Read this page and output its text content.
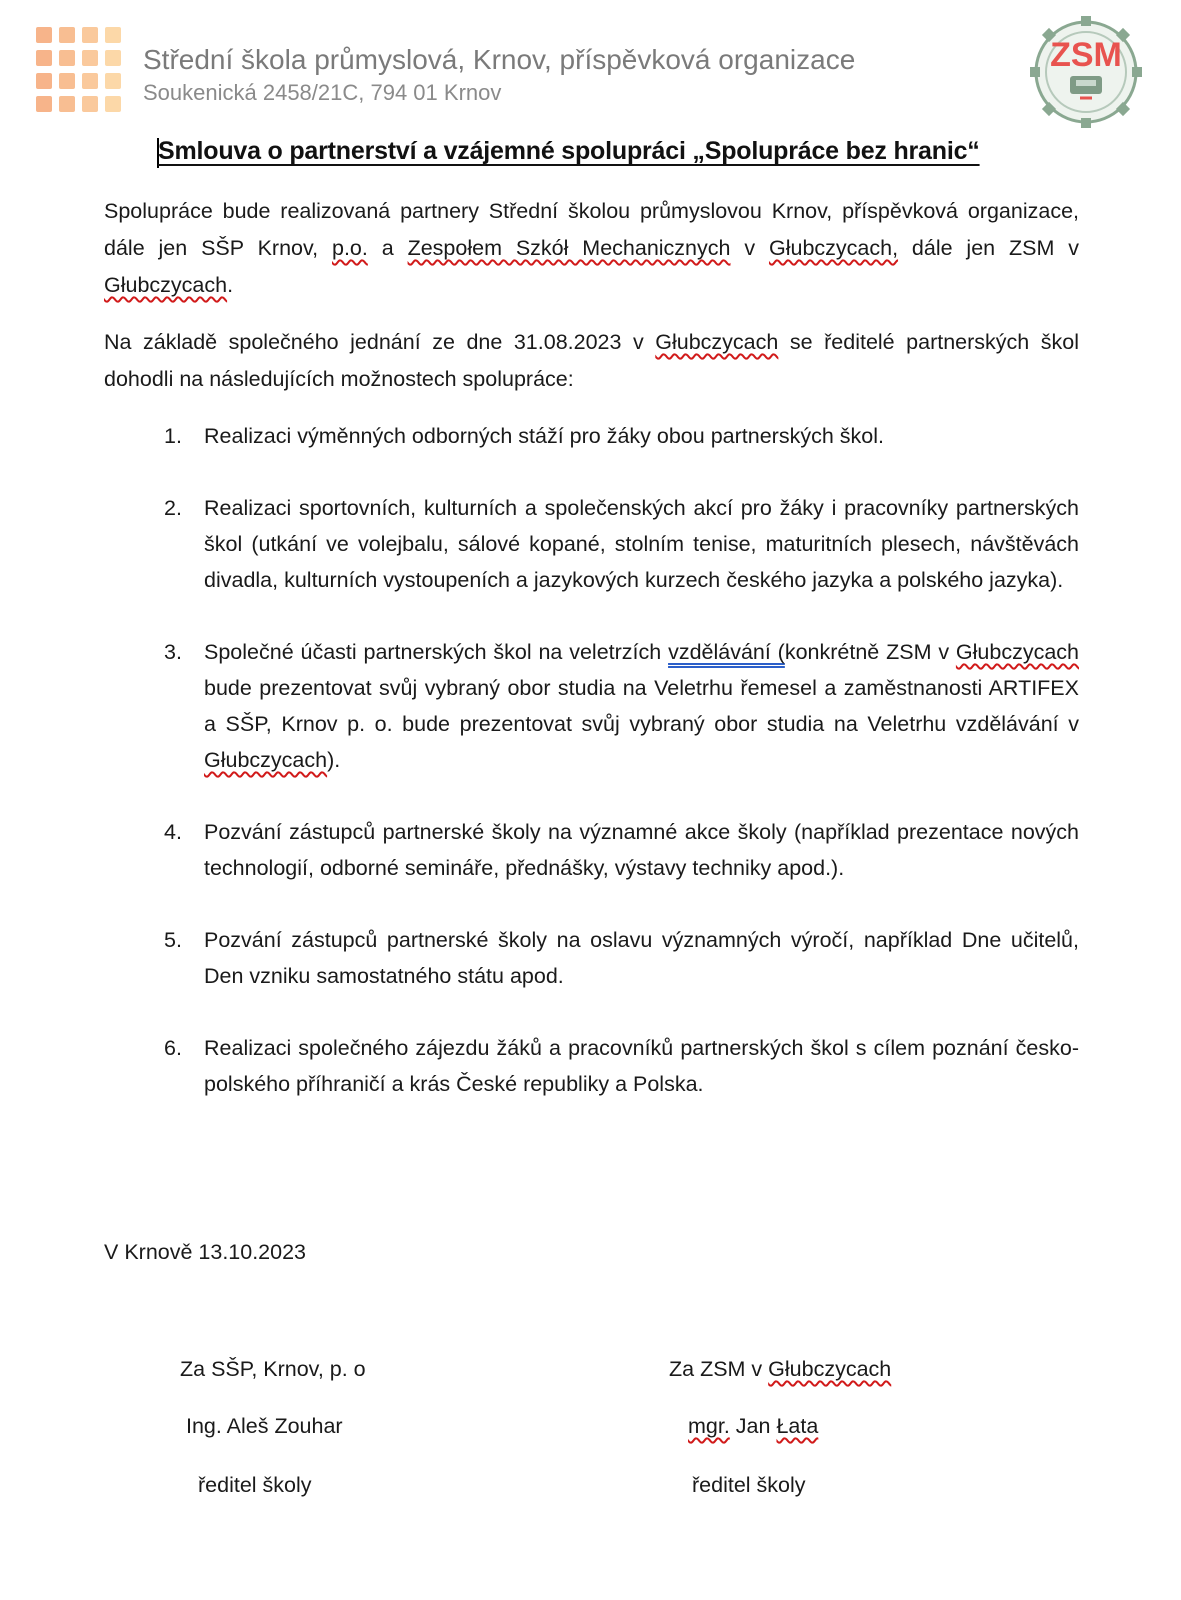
Střední škola průmyslová, Krnov, příspěvková organizace
Soukenická 2458/21C, 794 01 Krnov
ZSM
Smlouva o partnerství a vzájemné spolupráci „Spolupráce bez hranic“

Spolupráce bude realizovaná partnery Střední školou průmyslovou Krnov, příspěvková organizace, dále jen SŠP Krnov, p.o. a Zespołem Szkół Mechanicznych v Głubczycach, dále jen ZSM v Głubczycach.

Na základě společného jednání ze dne 31.08.2023 v Głubczycach se ředitelé partnerských škol dohodli na následujících možnostech spolupráce:

1. Realizaci výměnných odborných stáží pro žáky obou partnerských škol.
2. Realizaci sportovních, kulturních a společenských akcí pro žáky i pracovníky partnerských škol (utkání ve volejbalu, sálové kopané, stolním tenise, maturitních plesech, návštěvách divadla, kulturních vystoupeních a jazykových kurzech českého jazyka a polského jazyka).
3. Společné účasti partnerských škol na veletrzích vzdělávání (konkrétně ZSM v Głubczycach bude prezentovat svůj vybraný obor studia na Veletrhu řemesel a zaměstnanosti ARTIFEX a SŠP, Krnov p. o. bude prezentovat svůj vybraný obor studia na Veletrhu vzdělávání v Głubczycach).
4. Pozvání zástupců partnerské školy na významné akce školy (například prezentace nových technologií, odborné semináře, přednášky, výstavy techniky apod.).
5. Pozvání zástupců partnerské školy na oslavu významných výročí, například Dne učitelů, Den vzniku samostatného státu apod.
6. Realizaci společného zájezdu žáků a pracovníků partnerských škol s cílem poznání česko-polského příhraničí a krás České republiky a Polska.
V Krnově 13.10.2023
Za SŠP, Krnov, p. o
Ing. Aleš Zouhar
ředitel školy
Za ZSM v Głubczycach
mgr. Jan Łata
ředitel školy
